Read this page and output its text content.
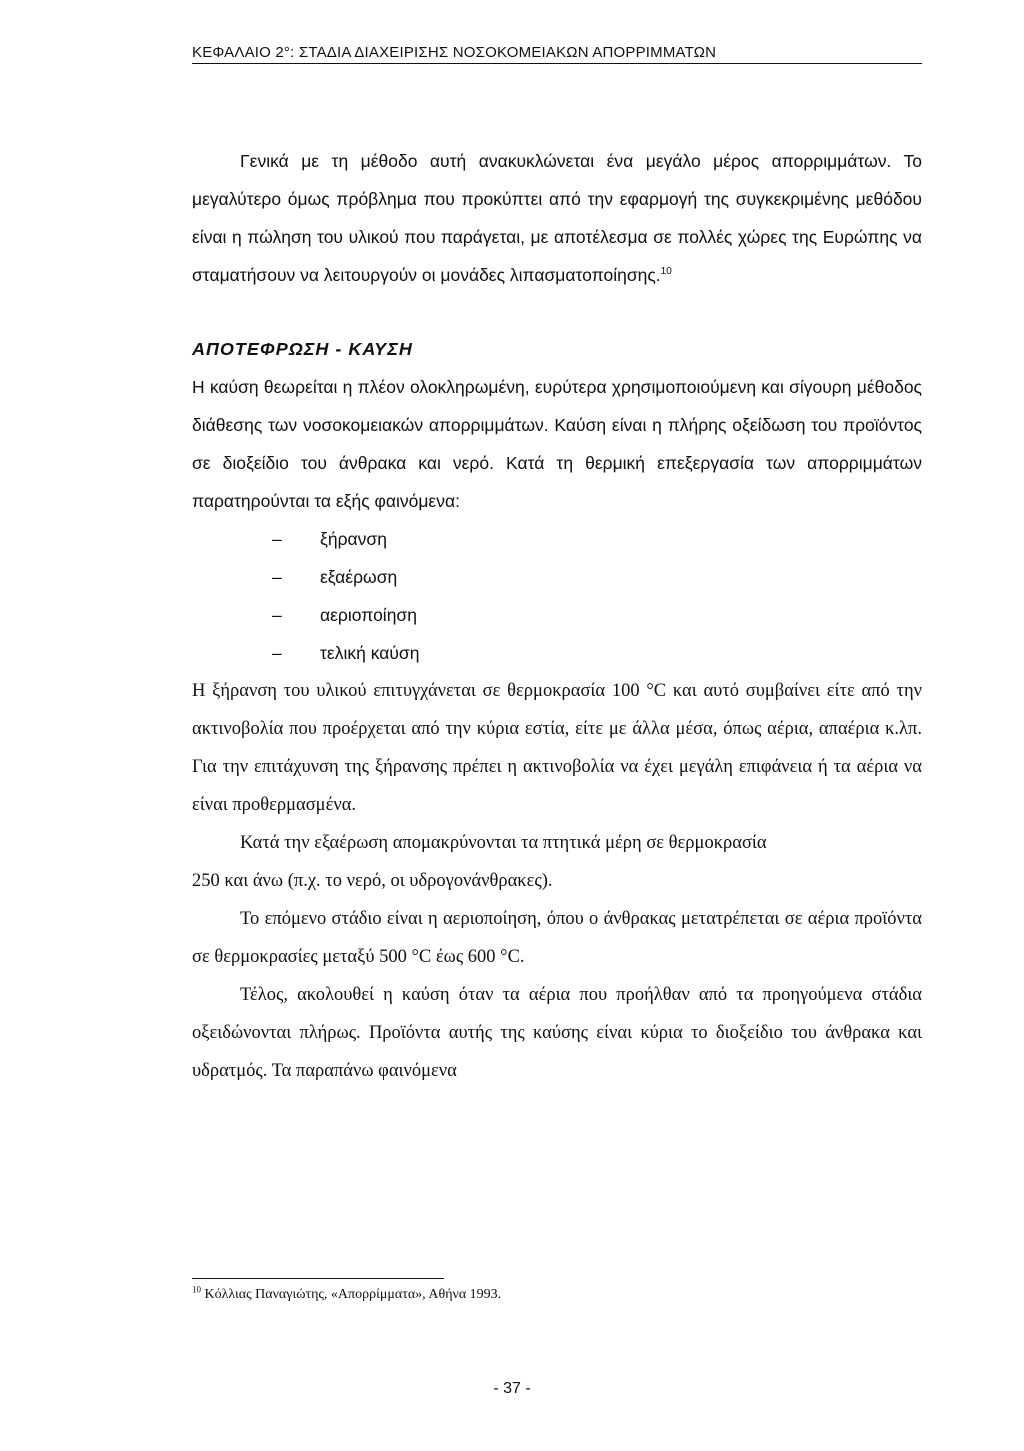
ΚΕΦΑΛΑΙΟ 2°: ΣΤΑΔΙΑ ΔΙΑΧΕΙΡΙΣΗΣ ΝΟΣΟΚΟΜΕΙΑΚΩΝ ΑΠΟΡΡΙΜΜΑΤΩΝ

Γενικά με τη μέθοδο αυτή ανακυκλώνεται ένα μεγάλο μέρος απορριμμάτων. Το μεγαλύτερο όμως πρόβλημα που προκύπτει από την εφαρμογή της συγκεκριμένης μεθόδου είναι η πώληση του υλικού που παράγεται, με αποτέλεσμα σε πολλές χώρες της Ευρώπης να σταματήσουν να λειτουργούν οι μονάδες λιπασματοποίησης.$^{10}$

ΑΠΟΤΕΦΡΩΣΗ - ΚΑΥΣΗ

Η καύση θεωρείται η πλέον ολοκληρωμένη, ευρύτερα χρησιμοποιούμενη και σίγουρη μέθοδος διάθεσης των νοσοκομειακών απορριμμάτων. Καύση είναι η πλήρης οξείδωση του προϊόντος σε διοξείδιο του άνθρακα και νερό. Κατά τη θερμική επεξεργασία των απορριμμάτων παρατηρούνται τα εξής φαινόμενα:

– ξήρανση
– εξαέρωση
– αεριοποίηση
– τελική καύση

Η ξήρανση του υλικού επιτυγχάνεται σε θερμοκρασία 100 °C και αυτό συμβαίνει είτε από την ακτινοβολία που προέρχεται από την κύρια εστία, είτε με άλλα μέσα, όπως αέρια, απαέρια κ.λπ. Για την επιτάχυνση της ξήρανσης πρέπει η ακτινοβολία να έχει μεγάλη επιφάνεια ή τα αέρια να είναι προθερμασμένα.

Κατά την εξαέρωση απομακρύνονται τα πτητικά μέρη σε θερμοκρασία

250 και άνω (π.χ. το νερό, οι υδρογονάνθρακες).

Το επόμενο στάδιο είναι η αεριοποίηση, όπου ο άνθρακας μετατρέπεται σε αέρια προϊόντα σε θερμοκρασίες μεταξύ 500 °C έως 600 °C.

Τέλος, ακολουθεί η καύση όταν τα αέρια που προήλθαν από τα προηγούμενα στάδια οξειδώνονται πλήρως. Προϊόντα αυτής της καύσης είναι κύρια το διοξείδιο του άνθρακα και υδρατμός. Τα παραπάνω φαινόμενα

$^{10}$ Κόλλιας Παναγιώτης, «Απορρίμματα», Αθήνα 1993.
- 37 -
